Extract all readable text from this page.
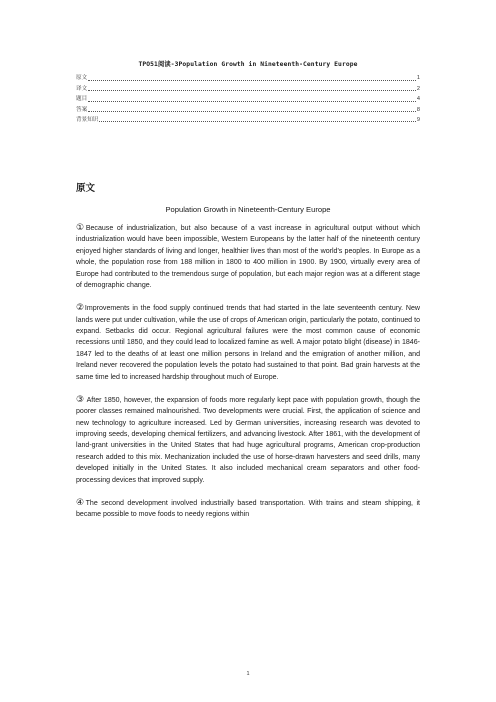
TPO51阅读-3Population Growth in Nineteenth-Century Europe
原文	1
译文	2
题目	4
答案	8
背景知识	9
原文
Population Growth in Nineteenth-Century Europe

①Because of industrialization, but also because of a vast increase in agricultural output without which industrialization would have been impossible, Western Europeans by the latter half of the nineteenth century enjoyed higher standards of living and longer, healthier lives than most of the world's peoples. In Europe as a whole, the population rose from 188 million in 1800 to 400 million in 1900. By 1900, virtually every area of Europe had contributed to the tremendous surge of population, but each major region was at a different stage of demographic change.

②Improvements in the food supply continued trends that had started in the late seventeenth century. New lands were put under cultivation, while the use of crops of American origin, particularly the potato, continued to expand. Setbacks did occur. Regional agricultural failures were the most common cause of economic recessions until 1850, and they could lead to localized famine as well. A major potato blight (disease) in 1846-1847 led to the deaths of at least one million persons in Ireland and the emigration of another million, and Ireland never recovered the population levels the potato had sustained to that point. Bad grain harvests at the same time led to increased hardship throughout much of Europe.

③ After 1850, however, the expansion of foods more regularly kept pace with population growth, though the poorer classes remained malnourished. Two developments were crucial. First, the application of science and new technology to agriculture increased. Led by German universities, increasing research was devoted to improving seeds, developing chemical fertilizers, and advancing livestock. After 1861, with the development of land-grant universities in the United States that had huge agricultural programs, American crop-production research added to this mix. Mechanization included the use of horse-drawn harvesters and seed drills, many developed initially in the United States. It also included mechanical cream separators and other food-processing devices that improved supply.

④The second development involved industrially based transportation. With trains and steam shipping, it became possible to move foods to needy regions within

1
